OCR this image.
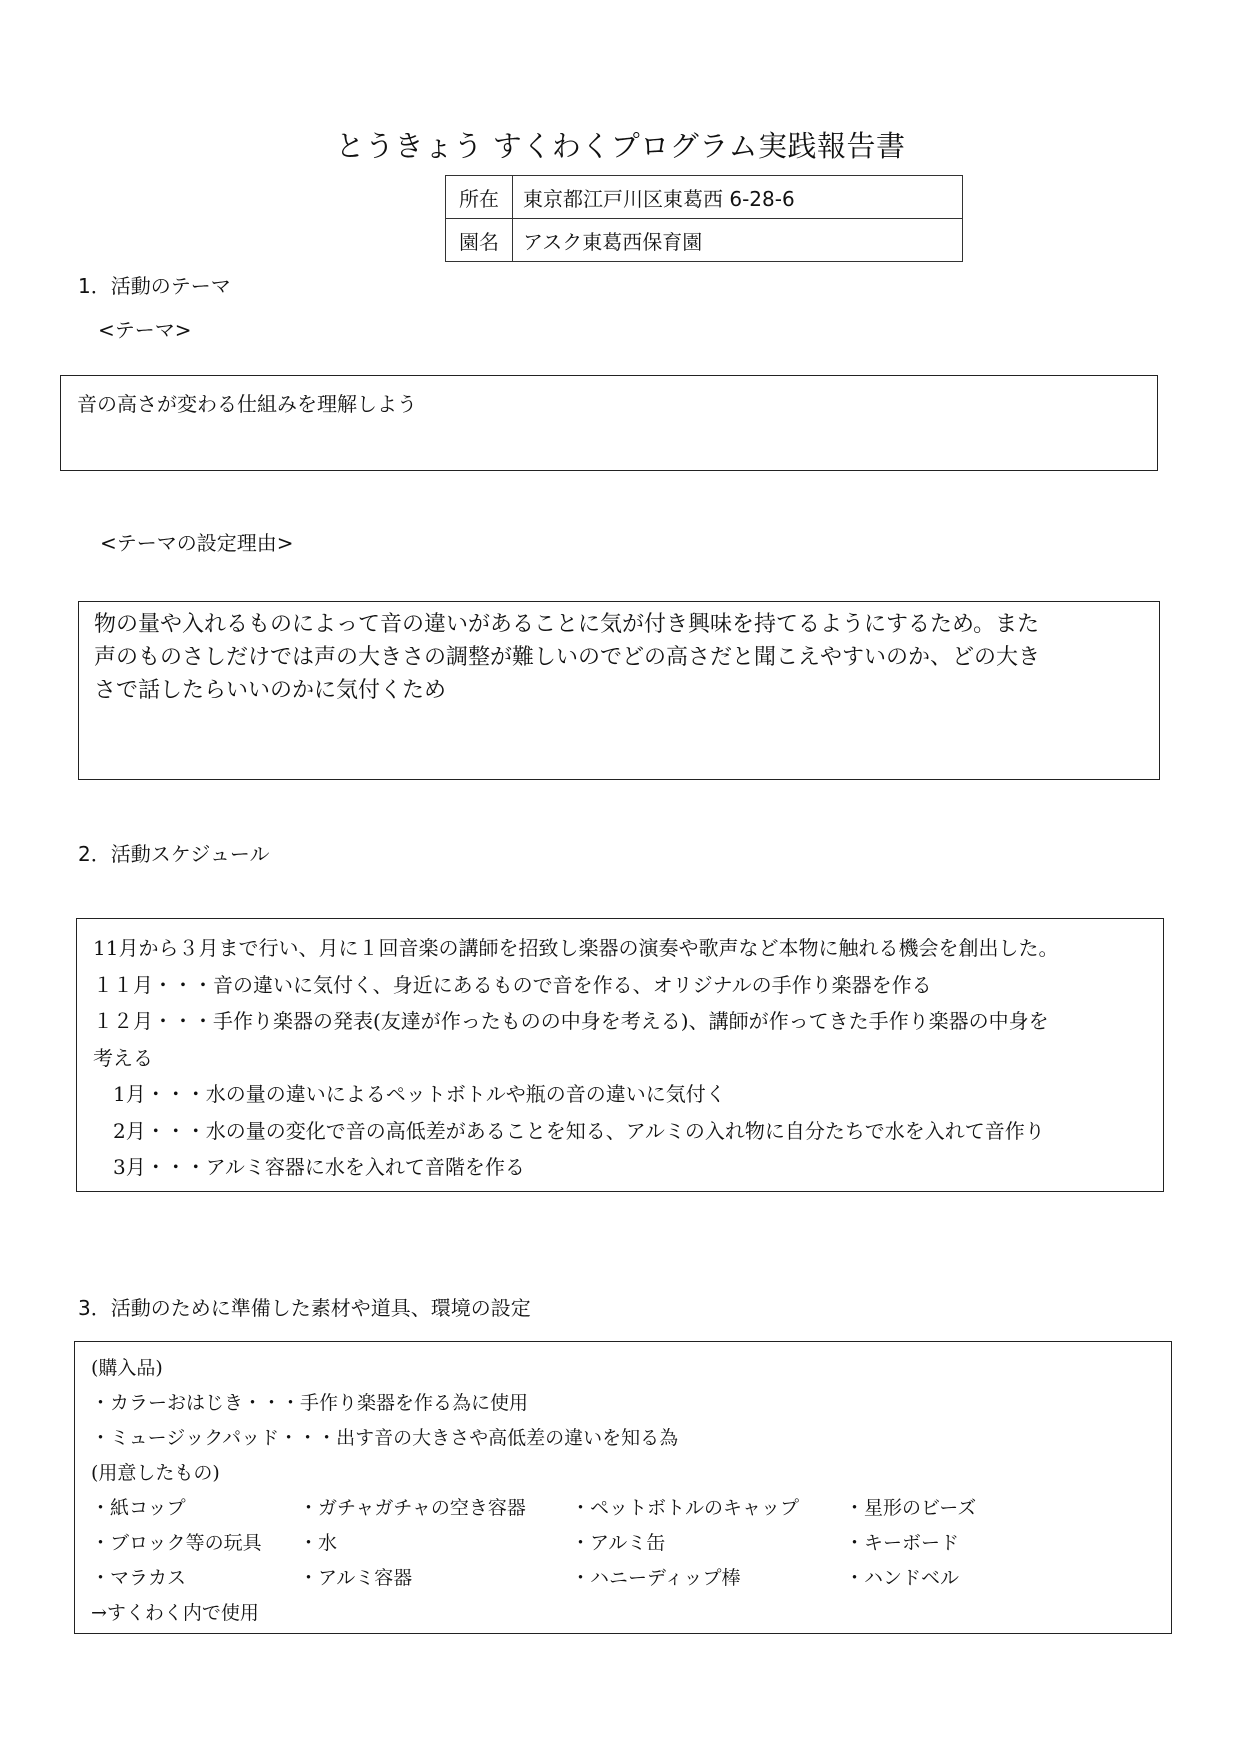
とうきょう すくわくプログラム実践報告書
所在	東京都江戸川区東葛西 6-28-6
園名	アスク東葛西保育園
1．活動のテーマ
<テーマ>
音の高さが変わる仕組みを理解しよう
<テーマの設定理由>
物の量や入れるものによって音の違いがあることに気が付き興味を持てるようにするため。また
声のものさしだけでは声の大きさの調整が難しいのでどの高さだと聞こえやすいのか、どの大き
さで話したらいいのかに気付くため
2．活動スケジュール
11月から３月まで行い、月に１回音楽の講師を招致し楽器の演奏や歌声など本物に触れる機会を創出した。
１１月・・・音の違いに気付く、身近にあるもので音を作る、オリジナルの手作り楽器を作る
１２月・・・手作り楽器の発表(友達が作ったものの中身を考える)、講師が作ってきた手作り楽器の中身を
考える
　1月・・・水の量の違いによるペットボトルや瓶の音の違いに気付く
　2月・・・水の量の変化で音の高低差があることを知る、アルミの入れ物に自分たちで水を入れて音作り
　3月・・・アルミ容器に水を入れて音階を作る
3．活動のために準備した素材や道具、環境の設定
(購入品)
・カラーおはじき・・・手作り楽器を作る為に使用
・ミュージックパッド・・・出す音の大きさや高低差の違いを知る為
(用意したもの)
・紙コップ	・ガチャガチャの空き容器	・ペットボトルのキャップ	・星形のビーズ
・ブロック等の玩具	・水	・アルミ缶	・キーボード
・マラカス	・アルミ容器	・ハニーディップ棒	・ハンドベル
→すくわく内で使用
